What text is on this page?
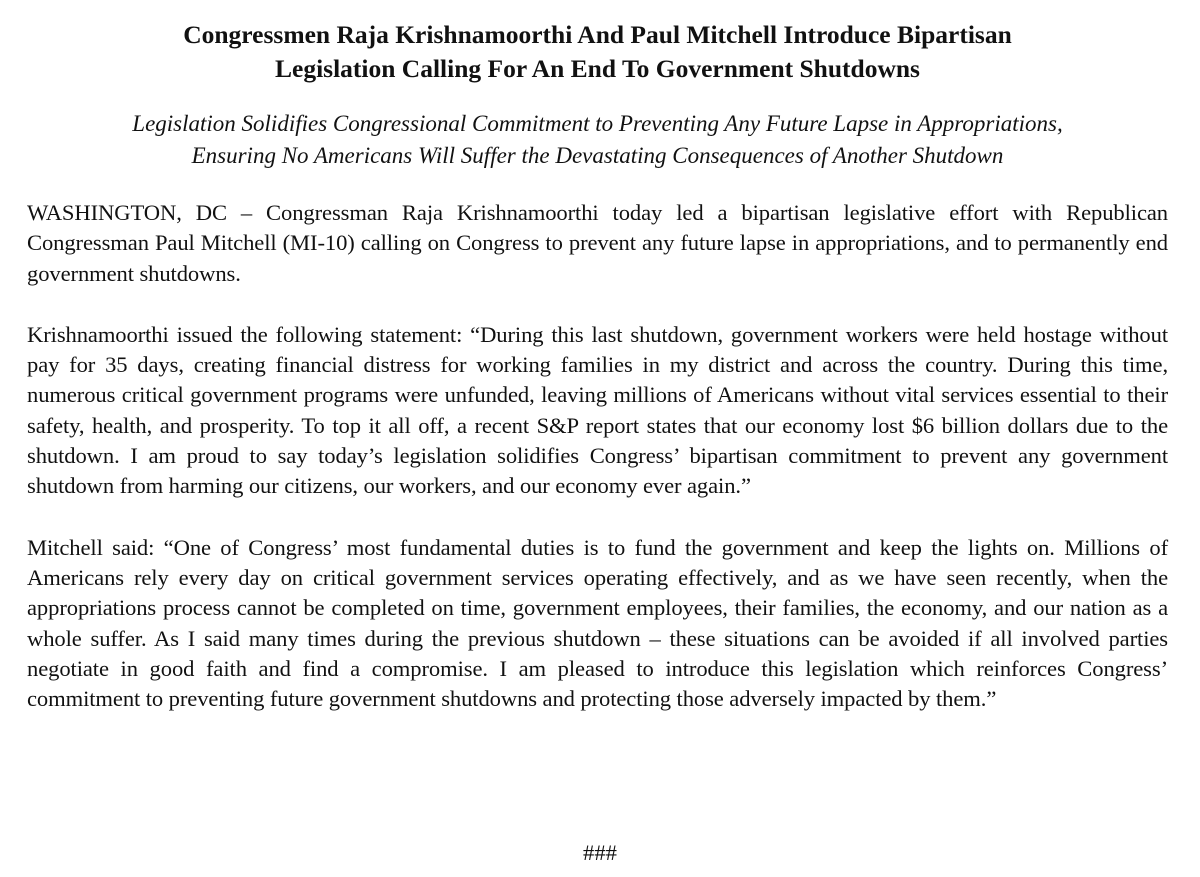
Congressmen Raja Krishnamoorthi And Paul Mitchell Introduce Bipartisan
Legislation Calling For An End To Government Shutdowns

Legislation Solidifies Congressional Commitment to Preventing Any Future Lapse in Appropriations,
Ensuring No Americans Will Suffer the Devastating Consequences of Another Shutdown

WASHINGTON, DC – Congressman Raja Krishnamoorthi today led a bipartisan legislative effort with Republican Congressman Paul Mitchell (MI-10) calling on Congress to prevent any future lapse in appropriations, and to permanently end government shutdowns.

Krishnamoorthi issued the following statement: “During this last shutdown, government workers were held hostage without pay for 35 days, creating financial distress for working families in my district and across the country. During this time, numerous critical government programs were unfunded, leaving millions of Americans without vital services essential to their safety, health, and prosperity. To top it all off, a recent S&P report states that our economy lost $6 billion dollars due to the shutdown. I am proud to say today’s legislation solidifies Congress’ bipartisan commitment to prevent any government shutdown from harming our citizens, our workers, and our economy ever again.”

Mitchell said: “One of Congress’ most fundamental duties is to fund the government and keep the lights on. Millions of Americans rely every day on critical government services operating effectively, and as we have seen recently, when the appropriations process cannot be completed on time, government employees, their families, the economy, and our nation as a whole suffer. As I said many times during the previous shutdown – these situations can be avoided if all involved parties negotiate in good faith and find a compromise. I am pleased to introduce this legislation which reinforces Congress’ commitment to preventing future government shutdowns and protecting those adversely impacted by them.”

###
